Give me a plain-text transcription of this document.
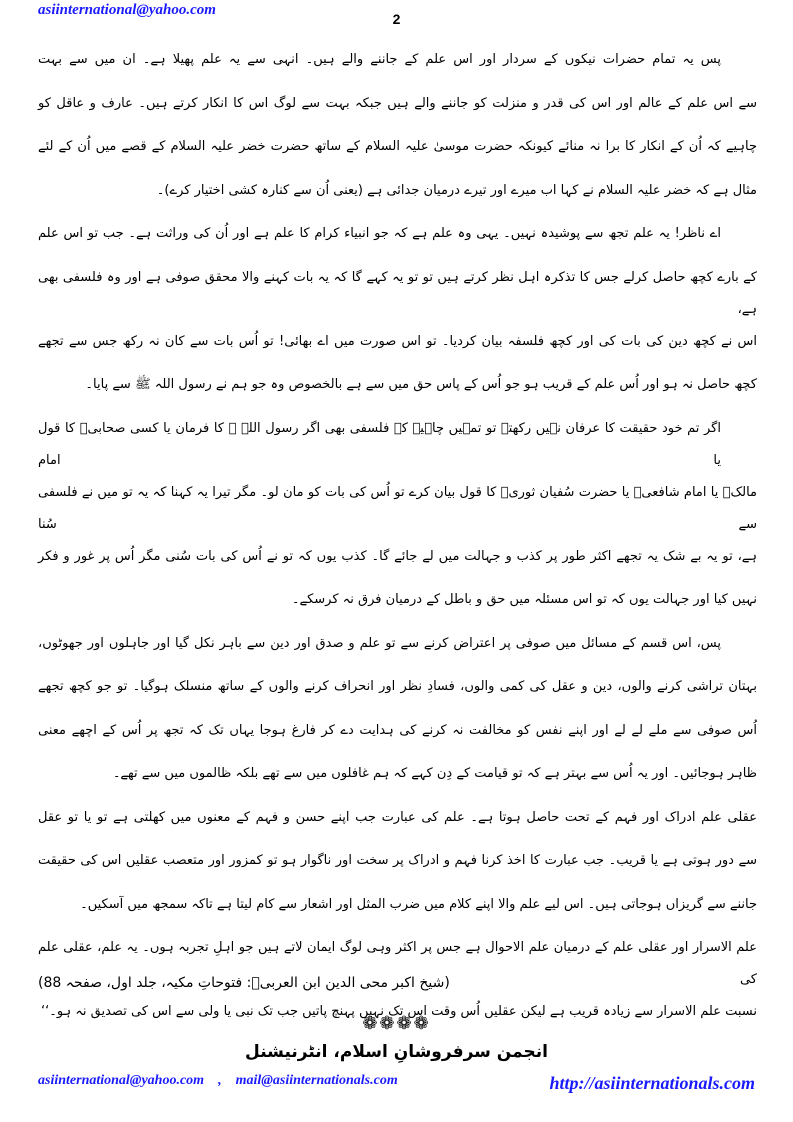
asiinternational@yahoo.com
2
پس یہ تمام حضرات نیکوں کے سردار اور اس علم کے جاننے والے ہیں۔ انہی سے یہ علم پھیلا ہے۔ ان میں سے بہت
سے اس علم کے عالم اور اس کی قدر و منزلت کو جاننے والے ہیں جبکہ بہت سے لوگ اس کا انکار کرتے ہیں۔ عارف و عاقل کو
چاہیے کہ اُن کے انکار کا برا نہ منائے کیونکہ حضرت موسیٰ علیہ السلام کے ساتھ حضرت خضر علیہ السلام کے قصے میں اُن کے لئے
مثال ہے کہ خضر علیہ السلام نے کہا اب میرے اور تیرے درمیان جدائی ہے (یعنی اُن سے کنارہ کشی اختیار کرے)۔
اے ناظر! یہ علم تجھ سے پوشیدہ نہیں۔ یہی وہ علم ہے کہ جو انبیاء کرام کا علم ہے اور اُن کی وراثت ہے۔ جب تو اس علم
کے بارے کچھ حاصل کرلے جس کا تذکرہ اہل نظر کرتے ہیں تو تو یہ کہے گا کہ یہ بات کہنے والا محقق صوفی ہے اور وہ فلسفی بھی ہے،
اس نے کچھ دین کی بات کی اور کچھ فلسفہ بیان کردیا۔ تو اس صورت میں اے بھائی! تو اُس بات سے کان نہ رکھ جس سے تجھے
کچھ حاصل نہ ہو اور اُس علم کے قریب ہو جو اُس کے پاس حق میں سے ہے بالخصوص وہ جو ہم نے رسول اللہ ﷺ سے پایا۔
اگر تم خود حقیقت کا عرفان نہیں رکھتے تو تمہیں چاہیے کہ فلسفی بھی اگر رسول اللہ ﷺ کا فرمان یا کسی صحابیؓ کا قول یا امام
مالکؒ یا امام شافعیؒ یا حضرت سُفیان ثوریؒ کا قول بیان کرے تو اُس کی بات کو مان لو۔ مگر تیرا یہ کہنا کہ یہ تو میں نے فلسفی سے سُنا
ہے، تو یہ بے شک یہ تجھے اکثر طور پر کذب و جہالت میں لے جائے گا۔ کذب یوں کہ تو نے اُس کی بات سُنی مگر اُس پر غور و فکر
نہیں کیا اور جہالت یوں کہ تو اس مسئلہ میں حق و باطل کے درمیان فرق نہ کرسکے۔
پس، اس قسم کے مسائل میں صوفی پر اعتراض کرنے سے تو علم و صدق اور دین سے باہر نکل گیا اور جاہلوں اور جھوٹوں،
بہتان تراشی کرنے والوں، دین و عقل کی کمی والوں، فسادِ نظر اور انحراف کرنے والوں کے ساتھ منسلک ہوگیا۔ تو جو کچھ تجھے
اُس صوفی سے ملے لے لے اور اپنے نفس کو مخالفت نہ کرنے کی ہدایت دے کر فارغ ہوجا یہاں تک کہ تجھ پر اُس کے اچھے معنی
ظاہر ہوجائیں۔ اور یہ اُس سے بہتر ہے کہ تو قیامت کے دِن کہے کہ ہم غافلوں میں سے تھے بلکہ ظالموں میں سے تھے۔
عقلی علم ادراک اور فہم کے تحت حاصل ہوتا ہے۔ علم کی عبارت جب اپنے حسن و فہم کے معنوں میں کھلتی ہے تو یا تو عقل
سے دور ہوتی ہے یا قریب۔ جب عبارت کا اخذ کرنا فہم و ادراک پر سخت اور ناگوار ہو تو کمزور اور متعصب عقلیں اس کی حقیقت
جاننے سے گریزاں ہوجاتی ہیں۔ اس لیے علم والا اپنے کلام میں ضرب المثل اور اشعار سے کام لیتا ہے تاکہ سمجھ میں آسکیں۔
علم الاسرار اور عقلی علم کے درمیان علم الاحوال ہے جس پر اکثر وہی لوگ ایمان لاتے ہیں جو اہلِ تجربہ ہوں۔ یہ علم، عقلی علم کی
نسبت علم الاسرار سے زیادہ قریب ہے لیکن عقلیں اُس وقت اس تک نہیں پہنچ پاتیں جب تک نبی یا ولی سے اس کی تصدیق نہ ہو۔‘‘
(شیخ اکبر محی الدین ابن العربیؒ: فتوحاتِ مکیہ، جلد اول، صفحہ 88)
❁❁❁❁
انجمن سرفروشانِ اسلام، انٹرنیشنل
asiinternational@yahoo.com , mail@asiinternationals.com	http://asiinternationals.com
